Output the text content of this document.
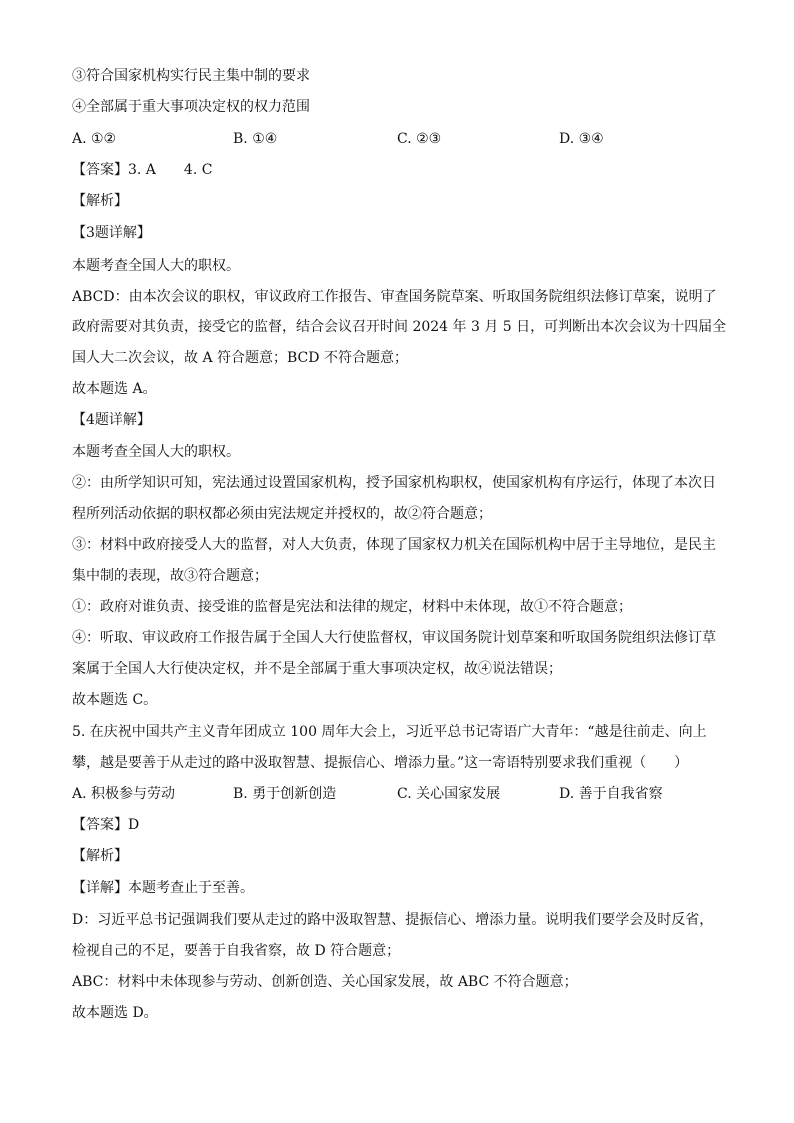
③符合国家机构实行民主集中制的要求
④全部属于重大事项决定权的权力范围
A. ①②	B. ①④	C. ②③	D. ③④
【答案】3. A　　4. C
【解析】
【3题详解】
本题考查全国人大的职权。
ABCD：由本次会议的职权，审议政府工作报告、审查国务院草案、听取国务院组织法修订草案，说明了
政府需要对其负责，接受它的监督，结合会议召开时间 2024 年 3 月 5 日，可判断出本次会议为十四届全
国人大二次会议，故 A 符合题意；BCD 不符合题意；
故本题选 A。
【4题详解】
本题考查全国人大的职权。
②：由所学知识可知，宪法通过设置国家机构，授予国家机构职权，使国家机构有序运行，体现了本次日
程所列活动依据的职权都必须由宪法规定并授权的，故②符合题意；
③：材料中政府接受人大的监督，对人大负责，体现了国家权力机关在国际机构中居于主导地位，是民主
集中制的表现，故③符合题意；
①：政府对谁负责、接受谁的监督是宪法和法律的规定，材料中未体现，故①不符合题意；
④：听取、审议政府工作报告属于全国人大行使监督权，审议国务院计划草案和听取国务院组织法修订草
案属于全国人大行使决定权，并不是全部属于重大事项决定权，故④说法错误；
故本题选 C。
5. 在庆祝中国共产主义青年团成立 100 周年大会上，习近平总书记寄语广大青年：“越是往前走、向上
攀，越是要善于从走过的路中汲取智慧、提振信心、增添力量。”这一寄语特别要求我们重视（　　）
A. 积极参与劳动	B. 勇于创新创造	C. 关心国家发展	D. 善于自我省察
【答案】D
【解析】
【详解】本题考查止于至善。
D：习近平总书记强调我们要从走过的路中汲取智慧、提振信心、增添力量。说明我们要学会及时反省，
检视自己的不足，要善于自我省察，故 D 符合题意；
ABC：材料中未体现参与劳动、创新创造、关心国家发展，故 ABC 不符合题意；
故本题选 D。
